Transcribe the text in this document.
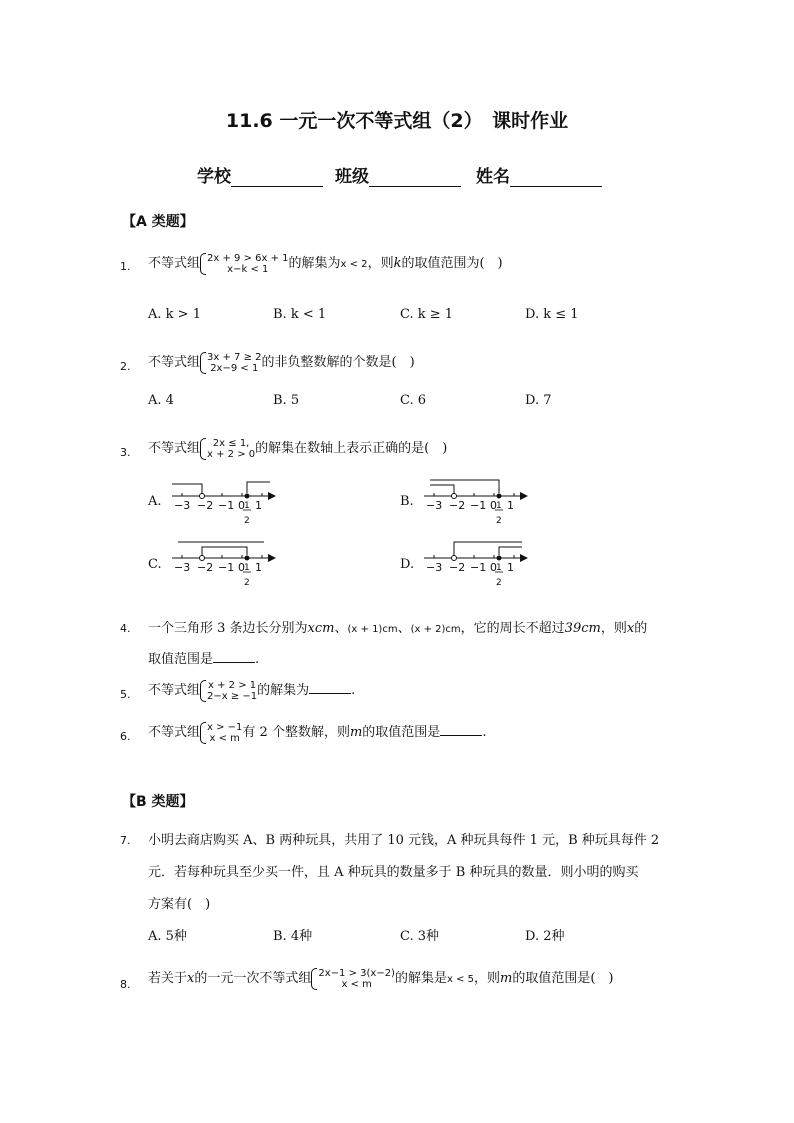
11.6 一元一次不等式组（2）　课时作业
学校	班级	姓名
【A 类题】
1. 不等式组 2x + 9 > 6x + 1
x−k < 1	的解集为x < 2，则k的取值范围为(　)
A. k > 1	B. k < 1	C. k ≥ 1	D. k ≤ 1
2. 不等式组 3x + 7 ≥ 2
2x−9 < 1 的非负整数解的个数是(　)
A. 4	B. 5	C. 6	D. 7
3. 不等式组	2x ≤ 1,
x + 2 > 0 的解集在数轴上表示正确的是(　)
A.	B.
C.	D.
−3 −2 −1 0 1
2
1	−3 −2 −1 0 1
2
1
−3 −2 −1 0 1
2
1	−3 −2 −1 0 1
2
1
4. 一个三角形 3 条边长分别为xcm、(x + 1)cm、(x + 2)cm，它的周长不超过39cm，则x的
取值范围是	.
5. 不等式组 x + 2 > 1
2−x ≥ −1 的解集为	.
6. 不等式组 x > −1
x < m 有 2 个整数解，则m的取值范围是	.
【B 类题】
7. 小明去商店购买 A、B 两种玩具，共用了 10 元钱，A 种玩具每件 1 元，B 种玩具每件 2
元．若每种玩具至少买一件，且 A 种玩具的数量多于 B 种玩具的数量．则小明的购买
方案有(　)
A. 5种	B. 4种	C. 3种	D. 2种
8. 若关于x的一元一次不等式组 2x−1 > 3(x−2)
x < m	的解集是x < 5，则m的取值范围是(　)
